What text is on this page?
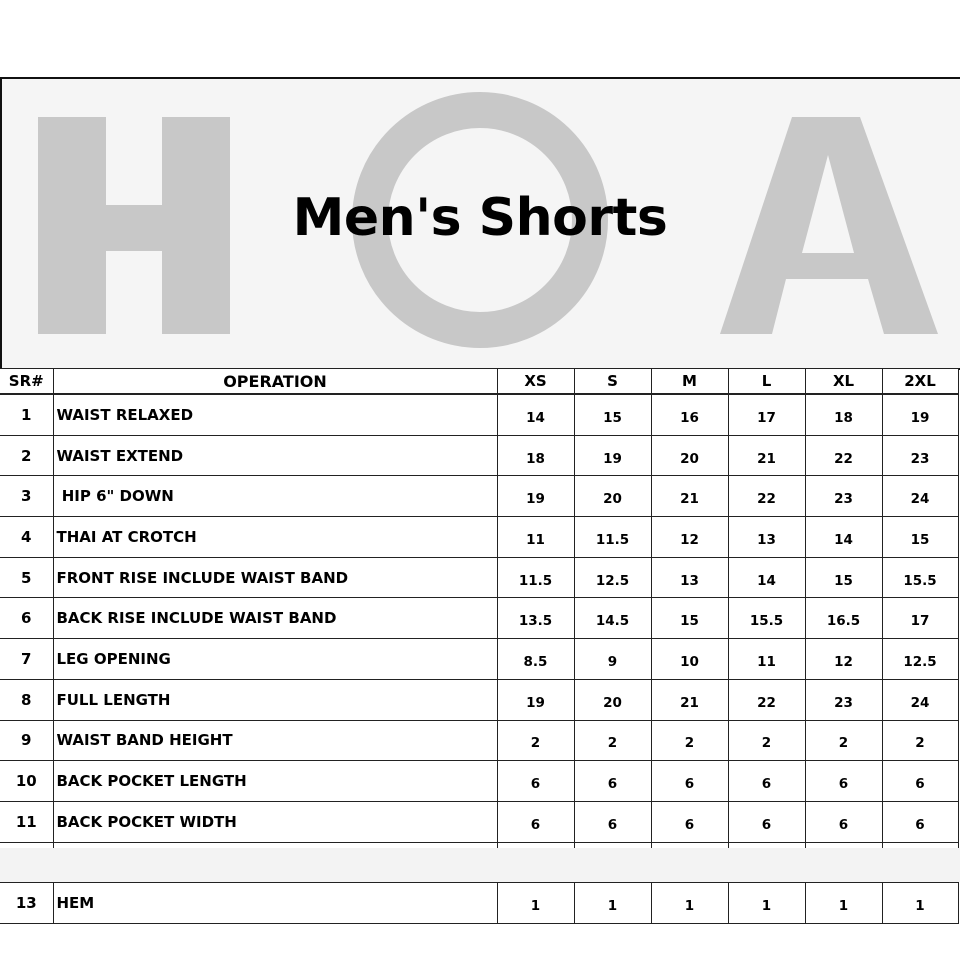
Men's Shorts
SR#	OPERATION	XS	S	M	L	XL	2XL
1	WAIST RELAXED	14	15	16	17	18	19
2	WAIST EXTEND	18	19	20	21	22	23
3	HIP 6" DOWN	19	20	21	22	23	24
4	THAI AT CROTCH	11	11.5	12	13	14	15
5	FRONT RISE INCLUDE WAIST BAND	11.5	12.5	13	14	15	15.5
6	BACK RISE INCLUDE WAIST BAND	13.5	14.5	15	15.5	16.5	17
7	LEG OPENING	8.5	9	10	11	12	12.5
8	FULL LENGTH	19	20	21	22	23	24
9	WAIST BAND HEIGHT	2	2	2	2	2	2
10	BACK POCKET LENGTH	6	6	6	6	6	6
11	BACK POCKET WIDTH	6	6	6	6	6	6

13	HEM	1	1	1	1	1	1
